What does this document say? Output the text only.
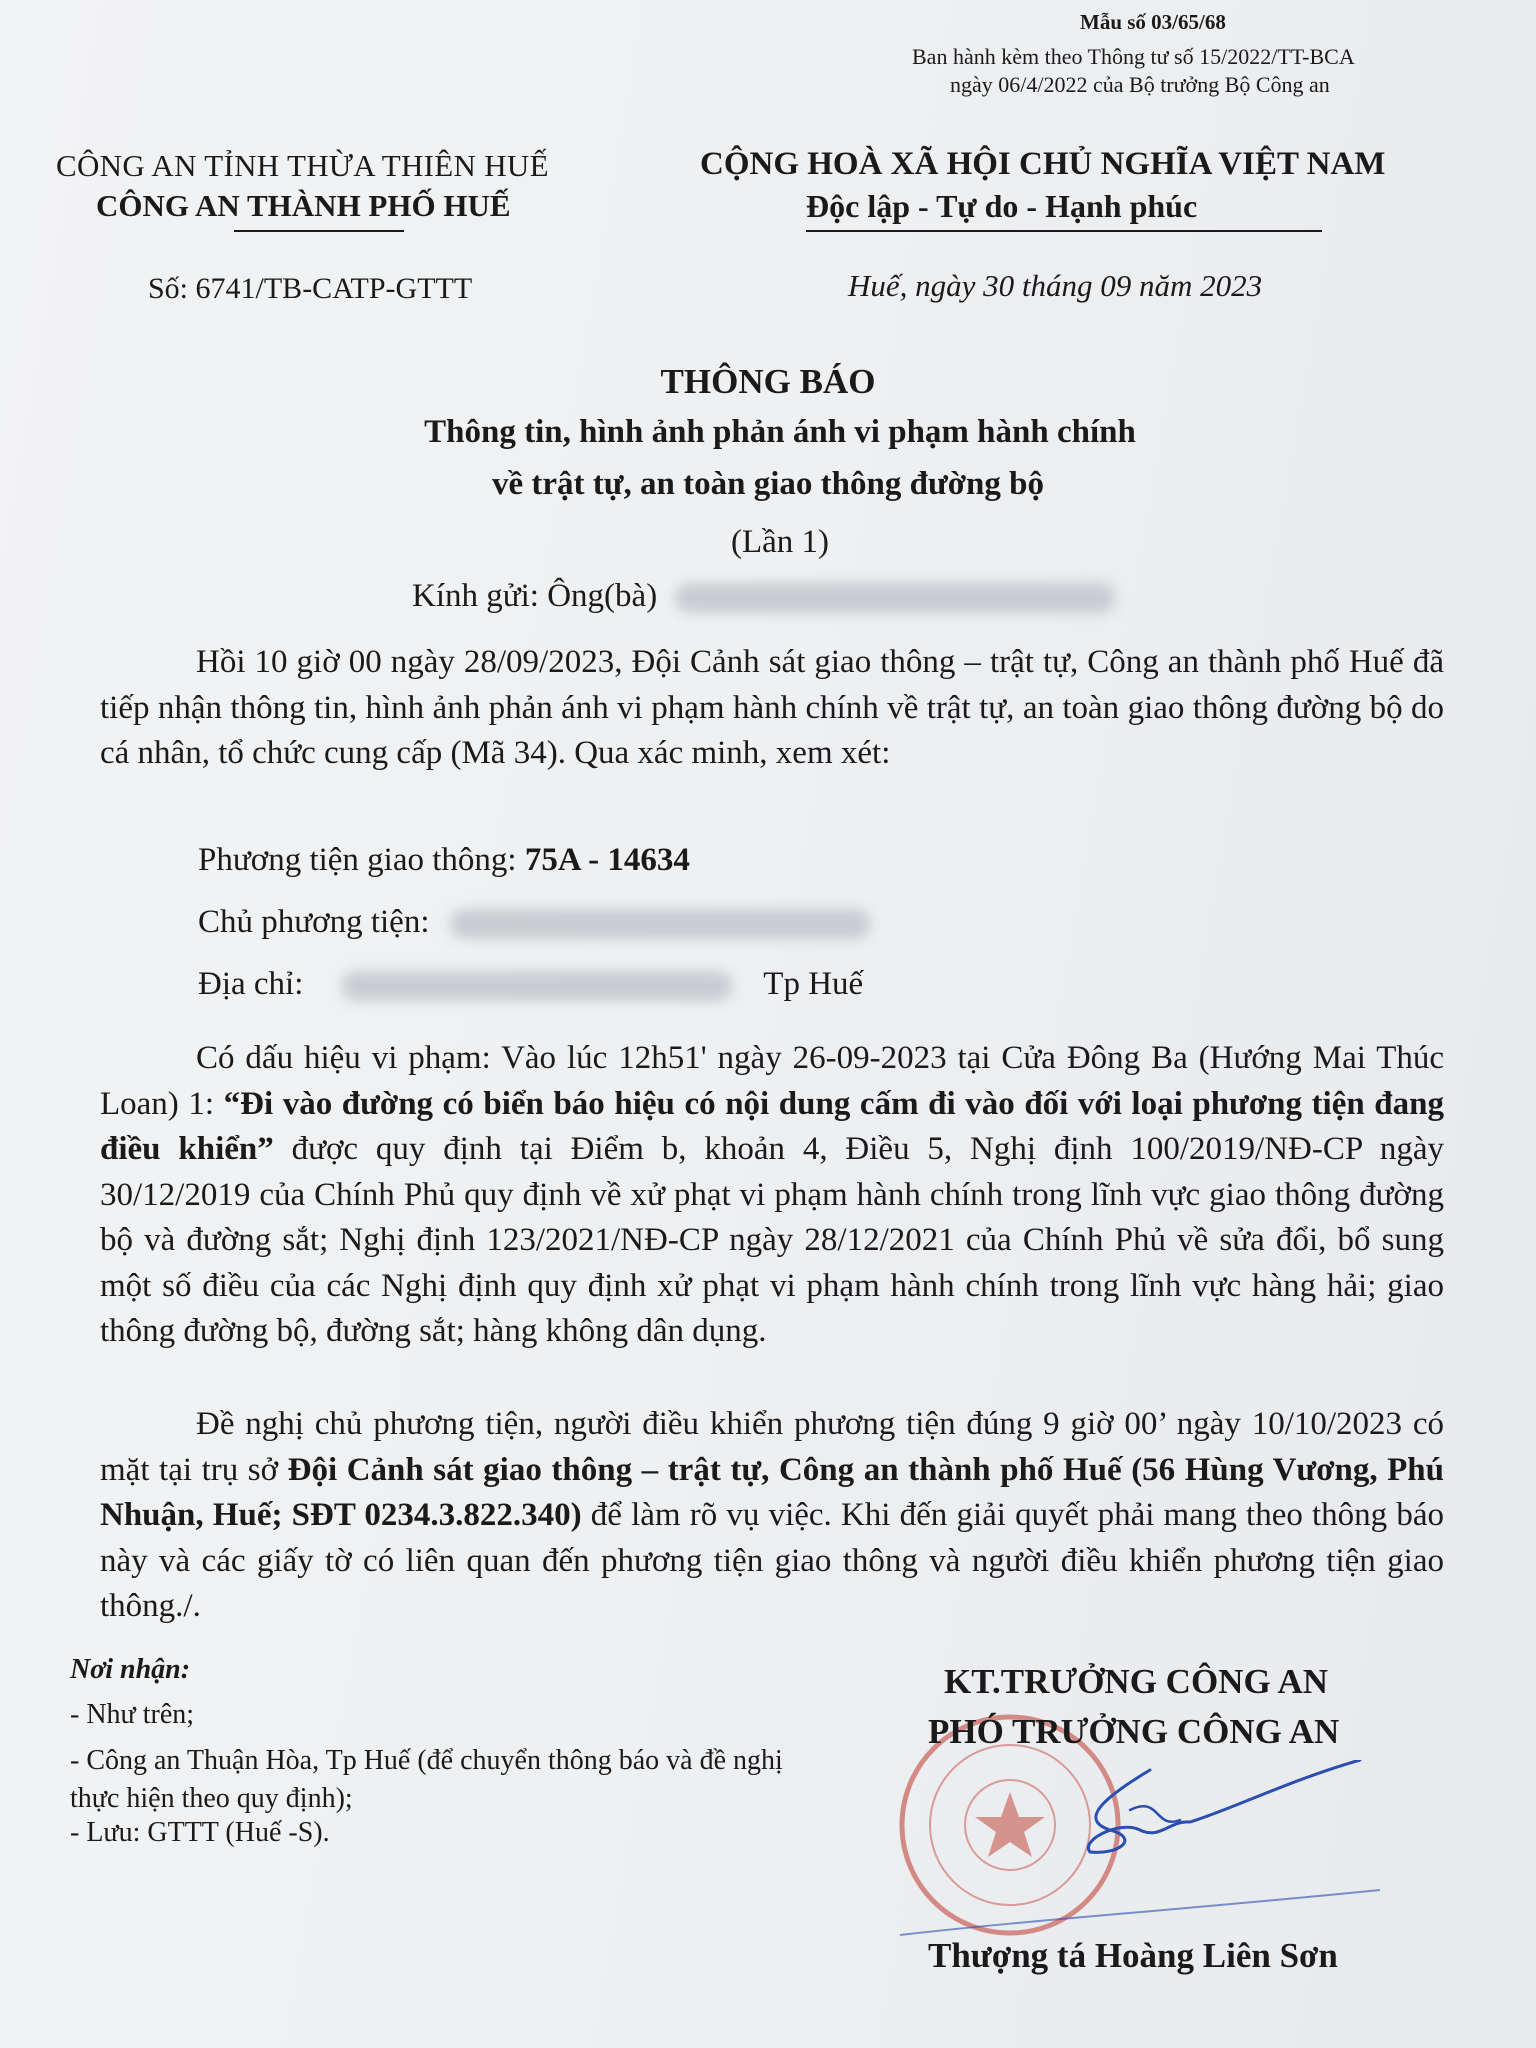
Mẫu số 03/65/68
Ban hành kèm theo Thông tư số 15/2022/TT-BCA
ngày 06/4/2022 của Bộ trưởng Bộ Công an
CÔNG AN TỈNH THỪA THIÊN HUẾ
CÔNG AN THÀNH PHỐ HUẾ
CỘNG HOÀ XÃ HỘI CHỦ NGHĨA VIỆT NAM
Độc lập - Tự do - Hạnh phúc
Số: 6741/TB-CATP-GTTT	Huế, ngày 30 tháng 09 năm 2023
THÔNG BÁO
Thông tin, hình ảnh phản ánh vi phạm hành chính
về trật tự, an toàn giao thông đường bộ
(Lần 1)
Kính gửi: Ông(bà)

Hồi 10 giờ 00 ngày 28/09/2023, Đội Cảnh sát giao thông – trật tự, Công an thành phố Huế đã tiếp nhận thông tin, hình ảnh phản ánh vi phạm hành chính về trật tự, an toàn giao thông đường bộ do cá nhân, tổ chức cung cấp (Mã 34). Qua xác minh, xem xét:

Phương tiện giao thông: 75A - 14634
Chủ phương tiện:
Địa chỉ:	Tp Huế

Có dấu hiệu vi phạm: Vào lúc 12h51' ngày 26-09-2023 tại Cửa Đông Ba (Hướng Mai Thúc Loan) 1: “Đi vào đường có biển báo hiệu có nội dung cấm đi vào đối với loại phương tiện đang điều khiển” được quy định tại Điểm b, khoản 4, Điều 5, Nghị định 100/2019/NĐ-CP ngày 30/12/2019 của Chính Phủ quy định về xử phạt vi phạm hành chính trong lĩnh vực giao thông đường bộ và đường sắt; Nghị định 123/2021/NĐ-CP ngày 28/12/2021 của Chính Phủ về sửa đổi, bổ sung một số điều của các Nghị định quy định xử phạt vi phạm hành chính trong lĩnh vực hàng hải; giao thông đường bộ, đường sắt; hàng không dân dụng.

Đề nghị chủ phương tiện, người điều khiển phương tiện đúng 9 giờ 00’ ngày 10/10/2023 có mặt tại trụ sở Đội Cảnh sát giao thông – trật tự, Công an thành phố Huế (56 Hùng Vương, Phú Nhuận, Huế; SĐT 0234.3.822.340) để làm rõ vụ việc. Khi đến giải quyết phải mang theo thông báo này và các giấy tờ có liên quan đến phương tiện giao thông và người điều khiển phương tiện giao thông./.

Nơi nhận:
- Như trên;
- Công an Thuận Hòa, Tp Huế (để chuyển thông báo và đề nghị thực hiện theo quy định);
- Lưu: GTTT (Huế -S).
KT.TRƯỞNG CÔNG AN
PHÓ TRƯỞNG CÔNG AN
Thượng tá Hoàng Liên Sơn
